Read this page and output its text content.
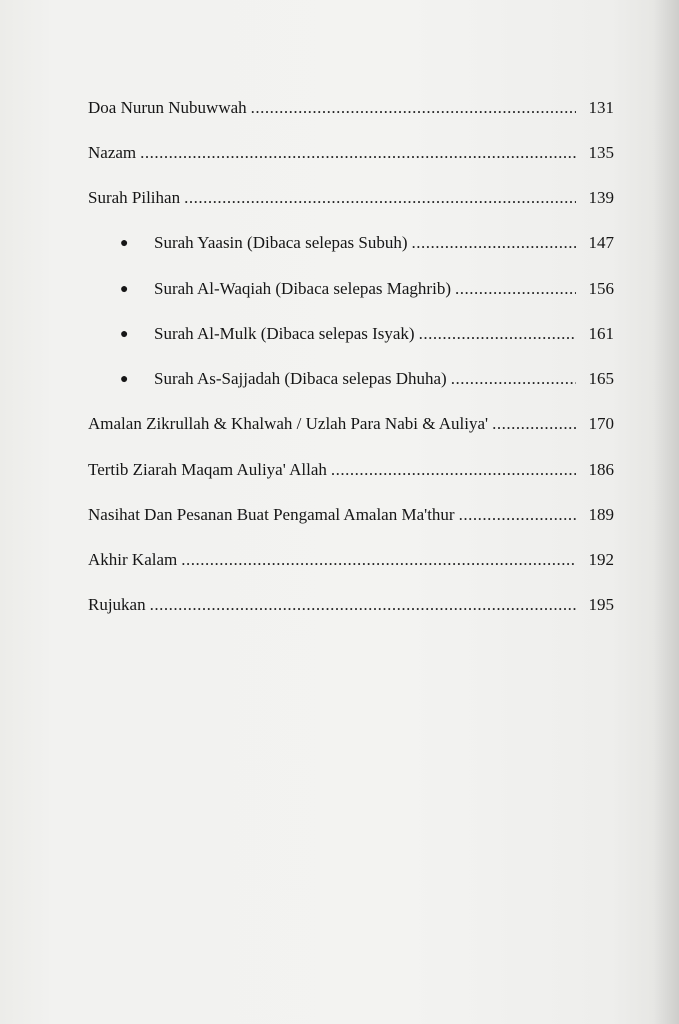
Doa Nurun Nubuwwah .....	131
Nazam .....	135
Surah Pilihan .....	139
●	Surah Yaasin (Dibaca selepas Subuh) .....	147
●	Surah Al-Waqiah (Dibaca selepas Maghrib) .....	156
●	Surah Al-Mulk (Dibaca selepas Isyak) .....	161
●	Surah As-Sajjadah (Dibaca selepas Dhuha) .....	165
Amalan Zikrullah & Khalwah / Uzlah Para Nabi & Auliya' .....	170
Tertib Ziarah Maqam Auliya' Allah .....	186
Nasihat Dan Pesanan Buat Pengamal Amalan Ma'thur .....	189
Akhir Kalam .....	192
Rujukan .....	195
